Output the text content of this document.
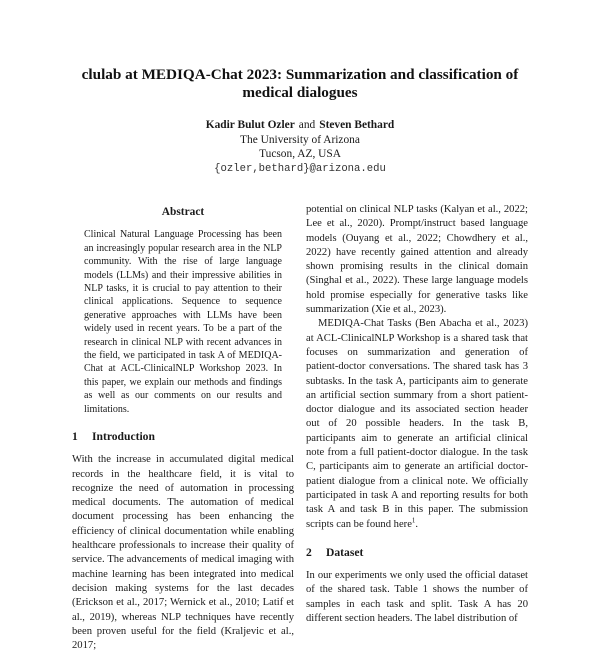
clulab at MEDIQA-Chat 2023: Summarization and classification of
medical dialogues
Kadir Bulut Ozler and Steven Bethard
The University of Arizona
Tucson, AZ, USA
{ozler,bethard}@arizona.edu
Abstract

Clinical Natural Language Processing has been an increasingly popular research area in the NLP community. With the rise of large language models (LLMs) and their impressive abilities in NLP tasks, it is crucial to pay attention to their clinical applications. Sequence to sequence generative approaches with LLMs have been widely used in recent years. To be a part of the research in clinical NLP with recent advances in the field, we participated in task A of MEDIQA-Chat at ACL-ClinicalNLP Workshop 2023. In this paper, we explain our methods and findings as well as our comments on our results and limitations.

1 Introduction

With the increase in accumulated digital medical records in the healthcare field, it is vital to recognize the need of automation in processing medical documents. The automation of medical document processing has been enhancing the efficiency of clinical documentation while enabling healthcare professionals to increase their quality of service. The advancements of medical imaging with machine learning has been integrated into medical decision making systems for the last decades (Erickson et al., 2017; Wernick et al., 2010; Latif et al., 2019), whereas NLP techniques have recently been proven useful for the field (Kraljevic et al., 2017;

potential on clinical NLP tasks (Kalyan et al., 2022; Lee et al., 2020). Prompt/instruct based language models (Ouyang et al., 2022; Chowdhery et al., 2022) have recently gained attention and already shown promising results in the clinical domain (Singhal et al., 2022). These large language models hold promise especially for generative tasks like summarization (Xie et al., 2023).

MEDIQA-Chat Tasks (Ben Abacha et al., 2023) at ACL-ClinicalNLP Workshop is a shared task that focuses on summarization and generation of patient-doctor conversations. The shared task has 3 subtasks. In the task A, participants aim to generate an artificial section summary from a short patient-doctor dialogue and its associated section header out of 20 possible headers. In the task B, participants aim to generate an artificial clinical note from a full patient-doctor dialogue. In the task C, participants aim to generate an artificial doctor-patient dialogue from a clinical note. We officially participated in task A and reporting results for both task A and task B in this paper. The submission scripts can be found here$^1$.

2 Dataset

In our experiments we only used the official dataset of the shared task. Table 1 shows the number of samples in each task and split. Task A has 20 different section headers. The label distribution of
